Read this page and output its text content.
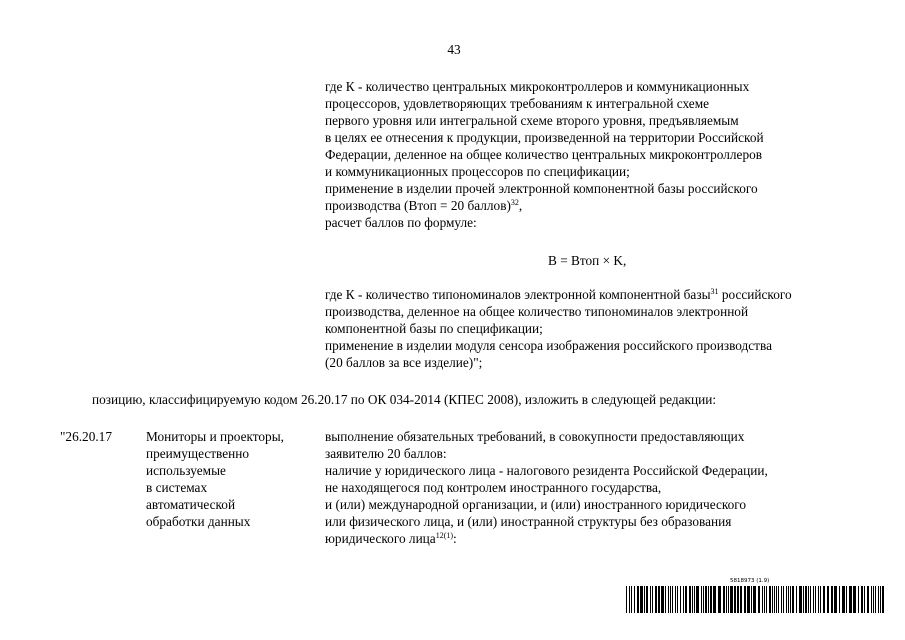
43

где К - количество центральных микроконтроллеров и коммуникационных

процессоров, удовлетворяющих требованиям к интегральной схеме

первого уровня или интегральной схеме второго уровня, предъявляемым

в целях ее отнесения к продукции, произведенной на территории Российской

Федерации, деленное на общее количество центральных микроконтроллеров

и коммуникационных процессоров по спецификации;

применение в изделии прочей электронной компонентной базы российского

производства (Втоп = 20 баллов)$^{32}$,

расчет баллов по формуле:

B = Втоп × K,

где К - количество типономиналов электронной компонентной базы$^{31}$ российского

производства, деленное на общее количество типономиналов электронной

компонентной базы по спецификации;

применение в изделии модуля сенсора изображения российского производства

(20 баллов за все изделие)";

позицию, классифицируемую кодом 26.20.17 по ОК 034-2014 (КПЕС 2008), изложить в следующей редакции:
"26.20.17	Мониторы и проекторы,

преимущественно

используемые

в системах

автоматической

обработки данных

выполнение обязательных требований, в совокупности предоставляющих

заявителю 20 баллов:

наличие у юридического лица - налогового резидента Российской Федерации,

не находящегося под контролем иностранного государства,

и (или) международной организации, и (или) иностранного юридического

или физического лица, и (или) иностранной структуры без образования

юридического лица$^{12(1)}$:

5818973 (1.9)
